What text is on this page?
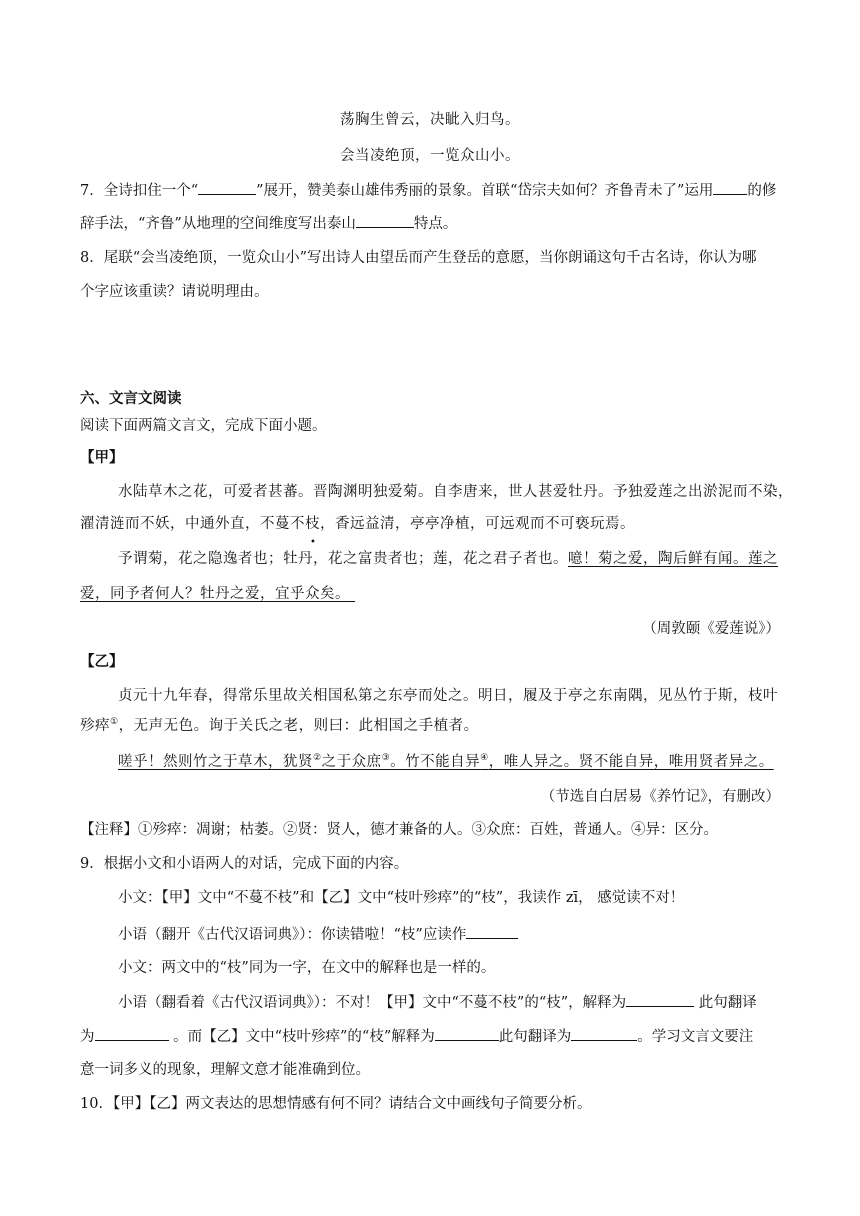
荡胸生曾云，决眦入归鸟。
会当凌绝顶，一览众山小。
7．全诗扣住一个“	”展开，赞美泰山雄伟秀丽的景象。首联“岱宗夫如何？齐鲁青未了”运用 的修
辞手法，“齐鲁”从地理的空间维度写出泰山	特点。
8．尾联“会当凌绝顶，一览众山小”写出诗人由望岳而产生登岳的意愿，当你朗诵这句千古名诗，你认为哪
个字应该重读？请说明理由。
六、文言文阅读
阅读下面两篇文言文，完成下面小题。
【甲】
水陆草木之花，可爱者甚蕃。晋陶渊明独爱菊。自李唐来，世人甚爱牡丹。予独爱莲之出淤泥而不染，
濯清涟而不妖，中通外直，不蔓不枝
•
，香远益清，亭亭净植，可远观而不可亵玩焉。
予谓菊，花之隐逸者也；牡丹，花之富贵者也；莲，花之君子者也。噫！菊之爱，陶后鲜有闻。莲之
爱，同予者何人？牡丹之爱，宜乎众矣。
（周敦颐《爱莲说》）
【乙】
贞元十九年春，得常乐里故关相国私第之东亭而处之。明日，履及于亭之东南隅，见丛竹于斯，枝叶
殄瘁①，无声无色。询于关氏之老，则曰：此相国之手植者。
嗟乎！然则竹之于草木，犹贤②之于众庶③。竹不能自异④，唯人异之。贤不能自异，唯用贤者异之。
（节选自白居易《养竹记》，有删改）
【注释】①殄瘁：凋谢；枯萎。②贤：贤人，德才兼备的人。③众庶：百姓，普通人。④异：区分。
9．根据小文和小语两人的对话，完成下面的内容。
小文：【甲】文中“不蔓不枝”和【乙】文中“枝叶殄瘁”的“枝”，我读作 zī， 感觉读不对！
小语（翻开《古代汉语词典》）：你读错啦！“枝”应读作
小文：两文中的“枝”同为一字，在文中的解释也是一样的。
小语（翻看着《古代汉语词典》）：不对！【甲】文中“不蔓不枝”的“枝”，解释为	此句翻译
为	。而【乙】文中“枝叶殄瘁”的“枝”解释为	此句翻译为	。学习文言文要注
意一词多义的现象，理解文意才能准确到位。
10．【甲】【乙】两文表达的思想情感有何不同？请结合文中画线句子简要分析。
